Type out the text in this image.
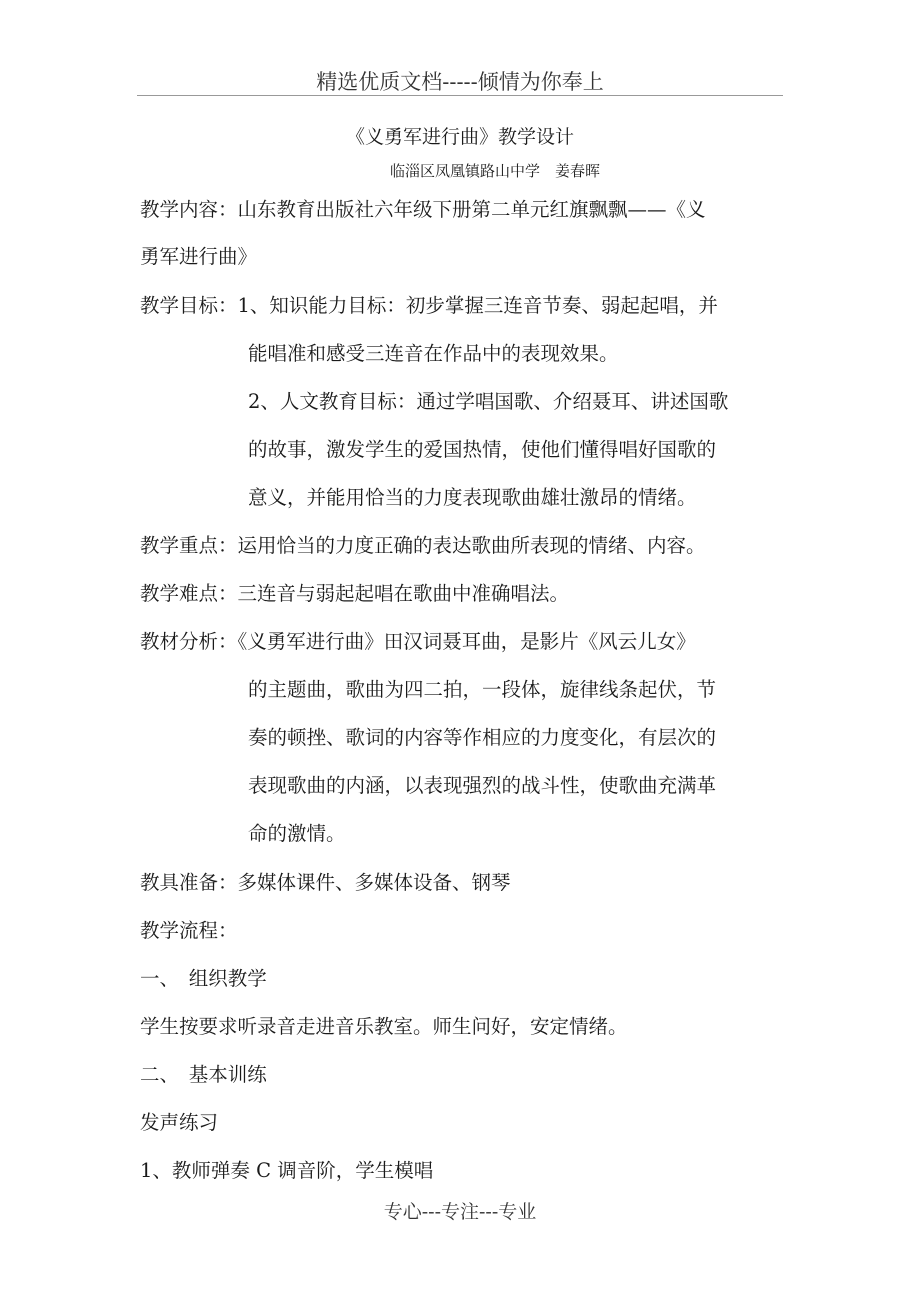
精选优质文档-----倾情为你奉上
《义勇军进行曲》教学设计
临淄区凤凰镇路山中学　姜春晖
教学内容：山东教育出版社六年级下册第二单元红旗飘飘——《义
勇军进行曲》
教学目标：1、知识能力目标：初步掌握三连音节奏、弱起起唱，并
能唱准和感受三连音在作品中的表现效果。
2、人文教育目标：通过学唱国歌、介绍聂耳、讲述国歌
的故事，激发学生的爱国热情，使他们懂得唱好国歌的
意义，并能用恰当的力度表现歌曲雄壮激昂的情绪。
教学重点：运用恰当的力度正确的表达歌曲所表现的情绪、内容。
教学难点：三连音与弱起起唱在歌曲中准确唱法。
教材分析：《义勇军进行曲》田汉词聂耳曲，是影片《风云儿女》
的主题曲，歌曲为四二拍，一段体，旋律线条起伏，节
奏的顿挫、歌词的内容等作相应的力度变化，有层次的
表现歌曲的内涵，以表现强烈的战斗性，使歌曲充满革
命的激情。
教具准备：多媒体课件、多媒体设备、钢琴
教学流程：
一、　组织教学
学生按要求听录音走进音乐教室。师生问好，安定情绪。
二、　基本训练
发声练习
1、教师弹奏 C 调音阶，学生模唱
专心---专注---专业
